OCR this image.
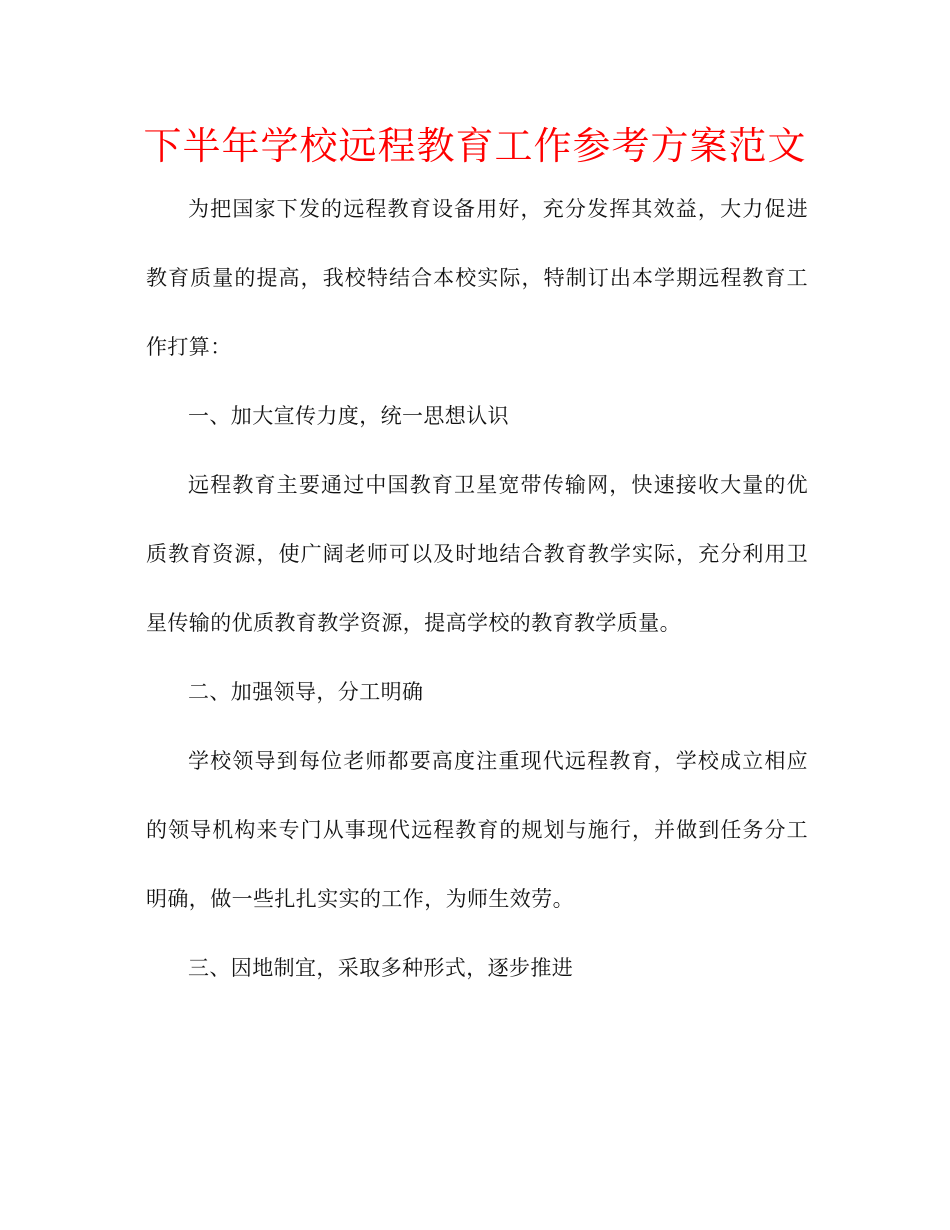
下半年学校远程教育工作参考方案范文

为把国家下发的远程教育设备用好，充分发挥其效益，大力促进教育质量的提高，我校特结合本校实际，特制订出本学期远程教育工作打算：

一、加大宣传力度，统一思想认识

远程教育主要通过中国教育卫星宽带传输网，快速接收大量的优质教育资源，使广阔老师可以及时地结合教育教学实际，充分利用卫星传输的优质教育教学资源，提高学校的教育教学质量。

二、加强领导，分工明确

学校领导到每位老师都要高度注重现代远程教育，学校成立相应的领导机构来专门从事现代远程教育的规划与施行，并做到任务分工明确，做一些扎扎实实的工作，为师生效劳。

三、因地制宜，采取多种形式，逐步推进
